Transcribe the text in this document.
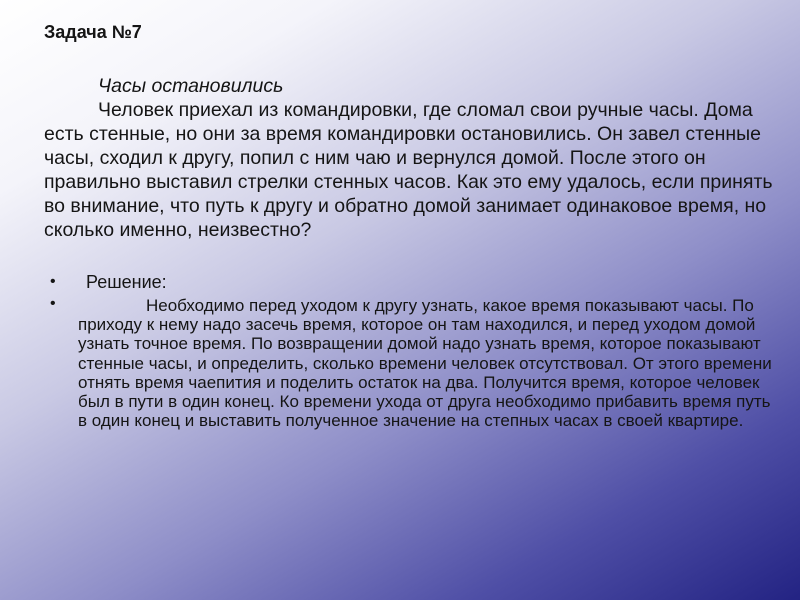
Задача №7

Часы остановились

Человек приехал из командировки, где сломал свои ручные часы. Дома есть стенные, но они за время командировки остановились. Он завел стенные часы, сходил к другу, попил с ним чаю и вернулся домой. После этого он правильно выставил стрелки стенных часов. Как это ему удалось, если принять во внимание, что путь к другу и обратно домой занимает одинаковое время, но сколько именно, неизвестно?

•
•
Решение:

Необходимо перед уходом к другу узнать, какое время показывают часы. По приходу к нему надо засечь время, которое он там находился, и перед уходом домой узнать точное время. По возвращении домой надо узнать время, которое показывают стенные часы, и определить, сколько времени человек отсутствовал. От этого времени отнять время чаепития и поделить остаток на два. Получится время, которое человек был в пути в один конец. Ко времени ухода от друга необходимо прибавить время путь в один конец и выставить полученное значение на степных часах в своей квартире.
